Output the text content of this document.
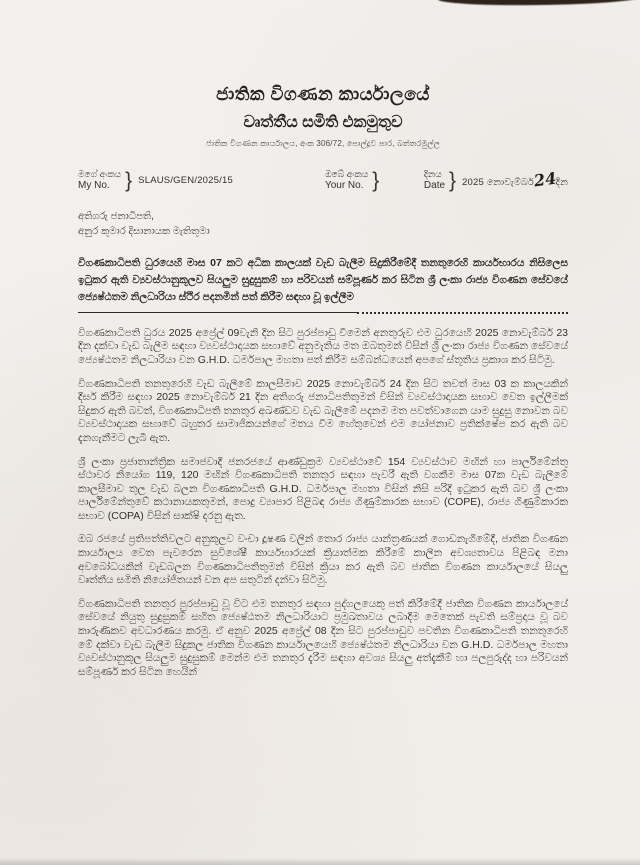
ජාතික විගණන කාර්යාලයේ
වෘත්තීය සමිති එකමුතුව
ජාතික විගණන කාර්යාලය, අංක 306/72, පොල්දූව පාර, බත්තරමුල්ල
මගේ අංකය
My No. } SLAUS/GEN/2025/15
ඔබේ අංකය
Your No. }	දිනය
Date } 2025 නොවැම්බර්24දින
අතිගරු ජනාධිපති,
අනුර කුමාර දිසානායක මැතිතුමා
විගණකාධිපති ධුරයෙහි මාස 07 කට අධික කාලයක් වැඩ බැලීම සිදුකිරීමේදී තනතුරෙහි කාර්යභාරය නිසිලෙස ඉටුකර ඇති ව්‍යවස්ථානුකූලව සියලුම සුදුසුකම් හා පරිවයන් සම්පූර්ණ කර සිටින ශ්‍රී ලංකා රාජ්‍ය විගණන සේවයේ ජ්‍යෙෂ්ඨතම නිලධාරියා ස්ථිර පදනමින් පත් කිරීම සඳහා වූ ඉල්ලීම

විගණකාධිපති ධුරය 2025 අප්‍රේල් 09වැනි දින සිට පුරප්පාඩු වීමෙන් අනතුරුව එම ධුරයෙහි 2025 නොවැම්බර් 23 දින දක්වා වැඩ බැලීම සඳහා ව්‍යවස්ථාදායක සභාවේ අනුමැතිය මත ඔබතුමන් විසින් ශ්‍රී ලංකා රාජ්‍ය විගණන සේවයේ ජ්‍යෙෂ්ඨතම නිලධාරියා වන G.H.D. ධර්මපාල මහතා පත් කිරීම සම්බන්ධයෙන් අපගේ ස්තූතිය ප්‍රකාශ කර සිටිමු.

විගණකාධිපති තනතුරෙහි වැඩ බැලීමේ කාලසීමාව 2025 නොවැම්බර් 24 දින සිට තවත් මාස 03 ක කාලයකින් දීර්ඝ කිරීම සඳහා 2025 නොවැම්බර් 21 දින අතිගරු ජනාධිපතිතුමන් විසින් ව්‍යවස්ථාදායක සභාව වෙත ඉල්ලීමක් සිදුකර ඇති බවත්, විගණකාධිපති තනතුර අඛණ්ඩව වැඩ බැලීමේ පදනම මත පවත්වාගෙන යාම සුදුසු නොවන බව ව්‍යවස්ථාදායක සභාවේ බහුතර සාමාජිකයන්ගේ මතය වීම හේතුවෙන් එම යෝජනාව ප්‍රතික්ෂේප කර ඇති බව දැනගැනීමට ලැබී ඇත.

ශ්‍රී ලංකා ප්‍රජාතාන්ත්‍රික සමාජවාදී ජනරජයේ ආණ්ඩුක්‍රම ව්‍යවස්ථාවේ 154 ව්‍යවස්ථාව මඟින් හා පාර්ලිමේන්තු ස්ථාවර නියෝග 119, 120 මඟින් විගණකාධිපති තනතුර සඳහා පැවරී ඇති වගකීම මාස 07ක වැඩ බැලීමේ කාලසීමාව තුල වැඩ බලන විගණකාධිපති G.H.D. ධර්මපාල මහතා විසින් නිසි පරිදි ඉටුකර ඇති බව ශ්‍රී ලංකා පාර්ලිමේන්තුවේ කථානායකතුමන්, පොදු ව්‍යාපාර පිළිබඳ රාජ්‍ය ගිණුම්කාරක සභාව (COPE), රාජ්‍ය ගිණුම්කාරක සභාව (COPA) විසින් සාක්ෂි දරනු ඇත.

ඔබ රජයේ ප්‍රතිපත්තිවලට අනුකූලව වංචා දූෂණ වලින් තොර රාජ්‍ය යාන්ත්‍රණයක් ගොඩනැගීමේදී, ජාතික විගණන කාර්යාලය වෙත පැවරෙන සුවිශේෂී කාර්යභාරයක් ක්‍රියාත්මක කිරීමේ කාලීන අවශ්‍යතාවය පිළිබඳ මනා අවබෝධයකින් වැඩබලන විගණකාධිපතිතුමන් විසින් ක්‍රියා කර ඇති බව ජාතික විගණන කාර්යාලයේ සියලු වෘත්තීය සමිති නියෝජිතයන් වන අප සතුටින් දන්වා සිටිමු.

විගණකාධිපති තනතුර පුරප්පාඩු වූ විට එම තනතුර සඳහා පුද්ගලයෙකු පත් කිරීමේදී ජාතික විගණන කාර්යාලයේ සේවයේ නියුතු සුදුසුකම් සහිත ජ්‍යෙෂ්ඨතම නිලධාරියාට ප්‍රමුඛතාවය ලබාදීම මෙතෙක් පැවති සම්ප්‍රදාය වූ බව කාරුණිකව අවධාරණය කරමු. ඒ අනුව 2025 අප්‍රේල් 08 දින සිට පුරප්පාඩුව පවතින විගණකාධිපති තනතුරෙහි මේ දක්වා වැඩ බැලීම සිදුකල ජාතික විගණන කාර්යාලයෙහි ජ්‍යෙෂ්ඨතම නිලධාරියා වන G.H.D. ධර්මපාල මහතා ව්‍යවස්ථානුකූල සියලුම සුදුසුකම් මෙන්ම එම තනතුර දැරීම සඳහා අවශ්‍ය සියලු අත්දැකීම් හා පලපුරුද්ද හා පරිවයන් සම්පූර්ණ කර සිටින හෙයින්
